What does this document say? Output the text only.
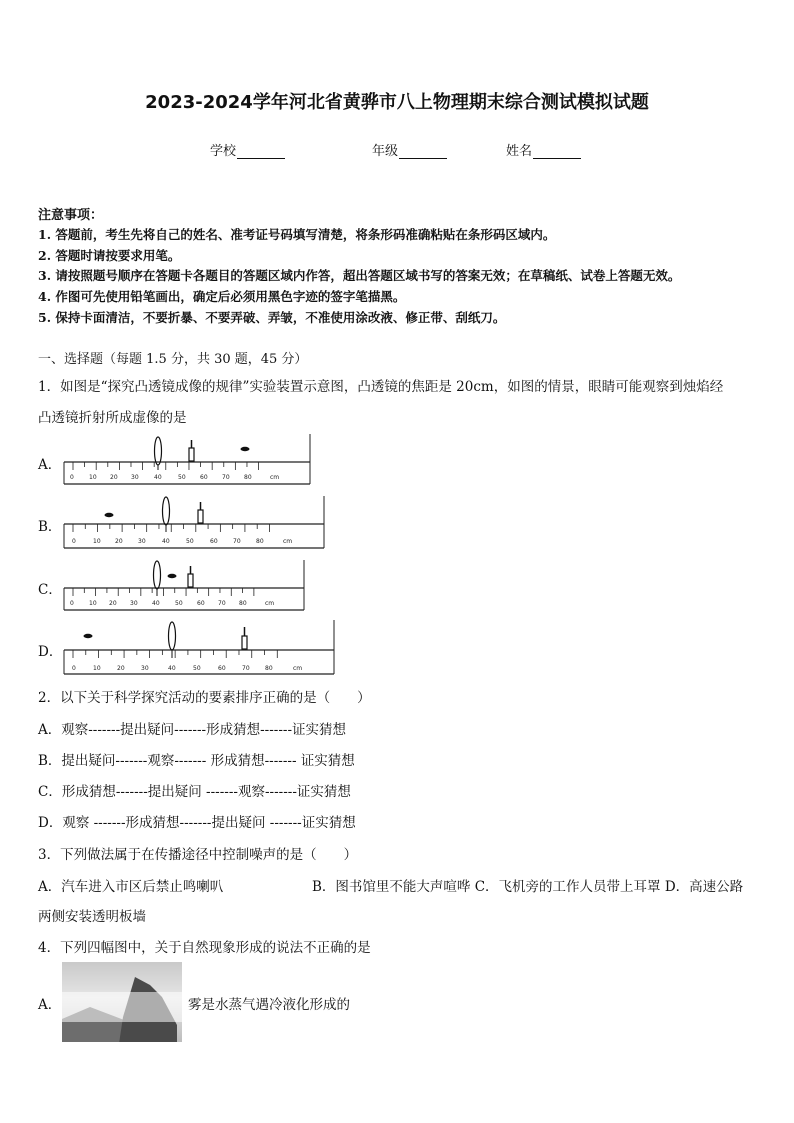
2023-2024学年河北省黄骅市八上物理期末综合测试模拟试题
学校	年级	姓名
注意事项：
1. 答题前，考生先将自己的姓名、准考证号码填写清楚，将条形码准确粘贴在条形码区域内。
2. 答题时请按要求用笔。
3. 请按照题号顺序在答题卡各题目的答题区域内作答，超出答题区域书写的答案无效；在草稿纸、试卷上答题无效。
4. 作图可先使用铅笔画出，确定后必须用黑色字迹的签字笔描黑。
5. 保持卡面清洁，不要折暴、不要弄破、弄皱，不准使用涂改液、修正带、刮纸刀。
一、选择题（每题 1.5 分，共 30 题，45 分）
1．如图是“探究凸透镜成像的规律”实验装置示意图，凸透镜的焦距是 20cm，如图的情景，眼睛可能观察到烛焰经
凸透镜折射所成虚像的是
A．
B．
C．
D．
0	10 20 30	40	50 60 70 80	cm
0	10 20	30	40	50	60	70	80	cm
0	10 20 30 40	50 60 70 80	cm
0	10	20	30	40	50	60	70	80	cm
2．以下关于科学探究活动的要素排序正确的是（　　）
A．观察-------提出疑问-------形成猜想-------证实猜想
B．提出疑问-------观察------- 形成猜想------- 证实猜想
C．形成猜想-------提出疑问 -------观察-------证实猜想
D．观察 -------形成猜想-------提出疑问 -------证实猜想
3．下列做法属于在传播途径中控制噪声的是（　　）
A．汽车进入市区后禁止鸣喇叭	B．图书馆里不能大声喧哗 C．飞机旁的工作人员带上耳罩 D．高速公路
两侧安装透明板墙
4．下列四幅图中，关于自然现象形成的说法不正确的是
A．	雾是水蒸气遇冷液化形成的
